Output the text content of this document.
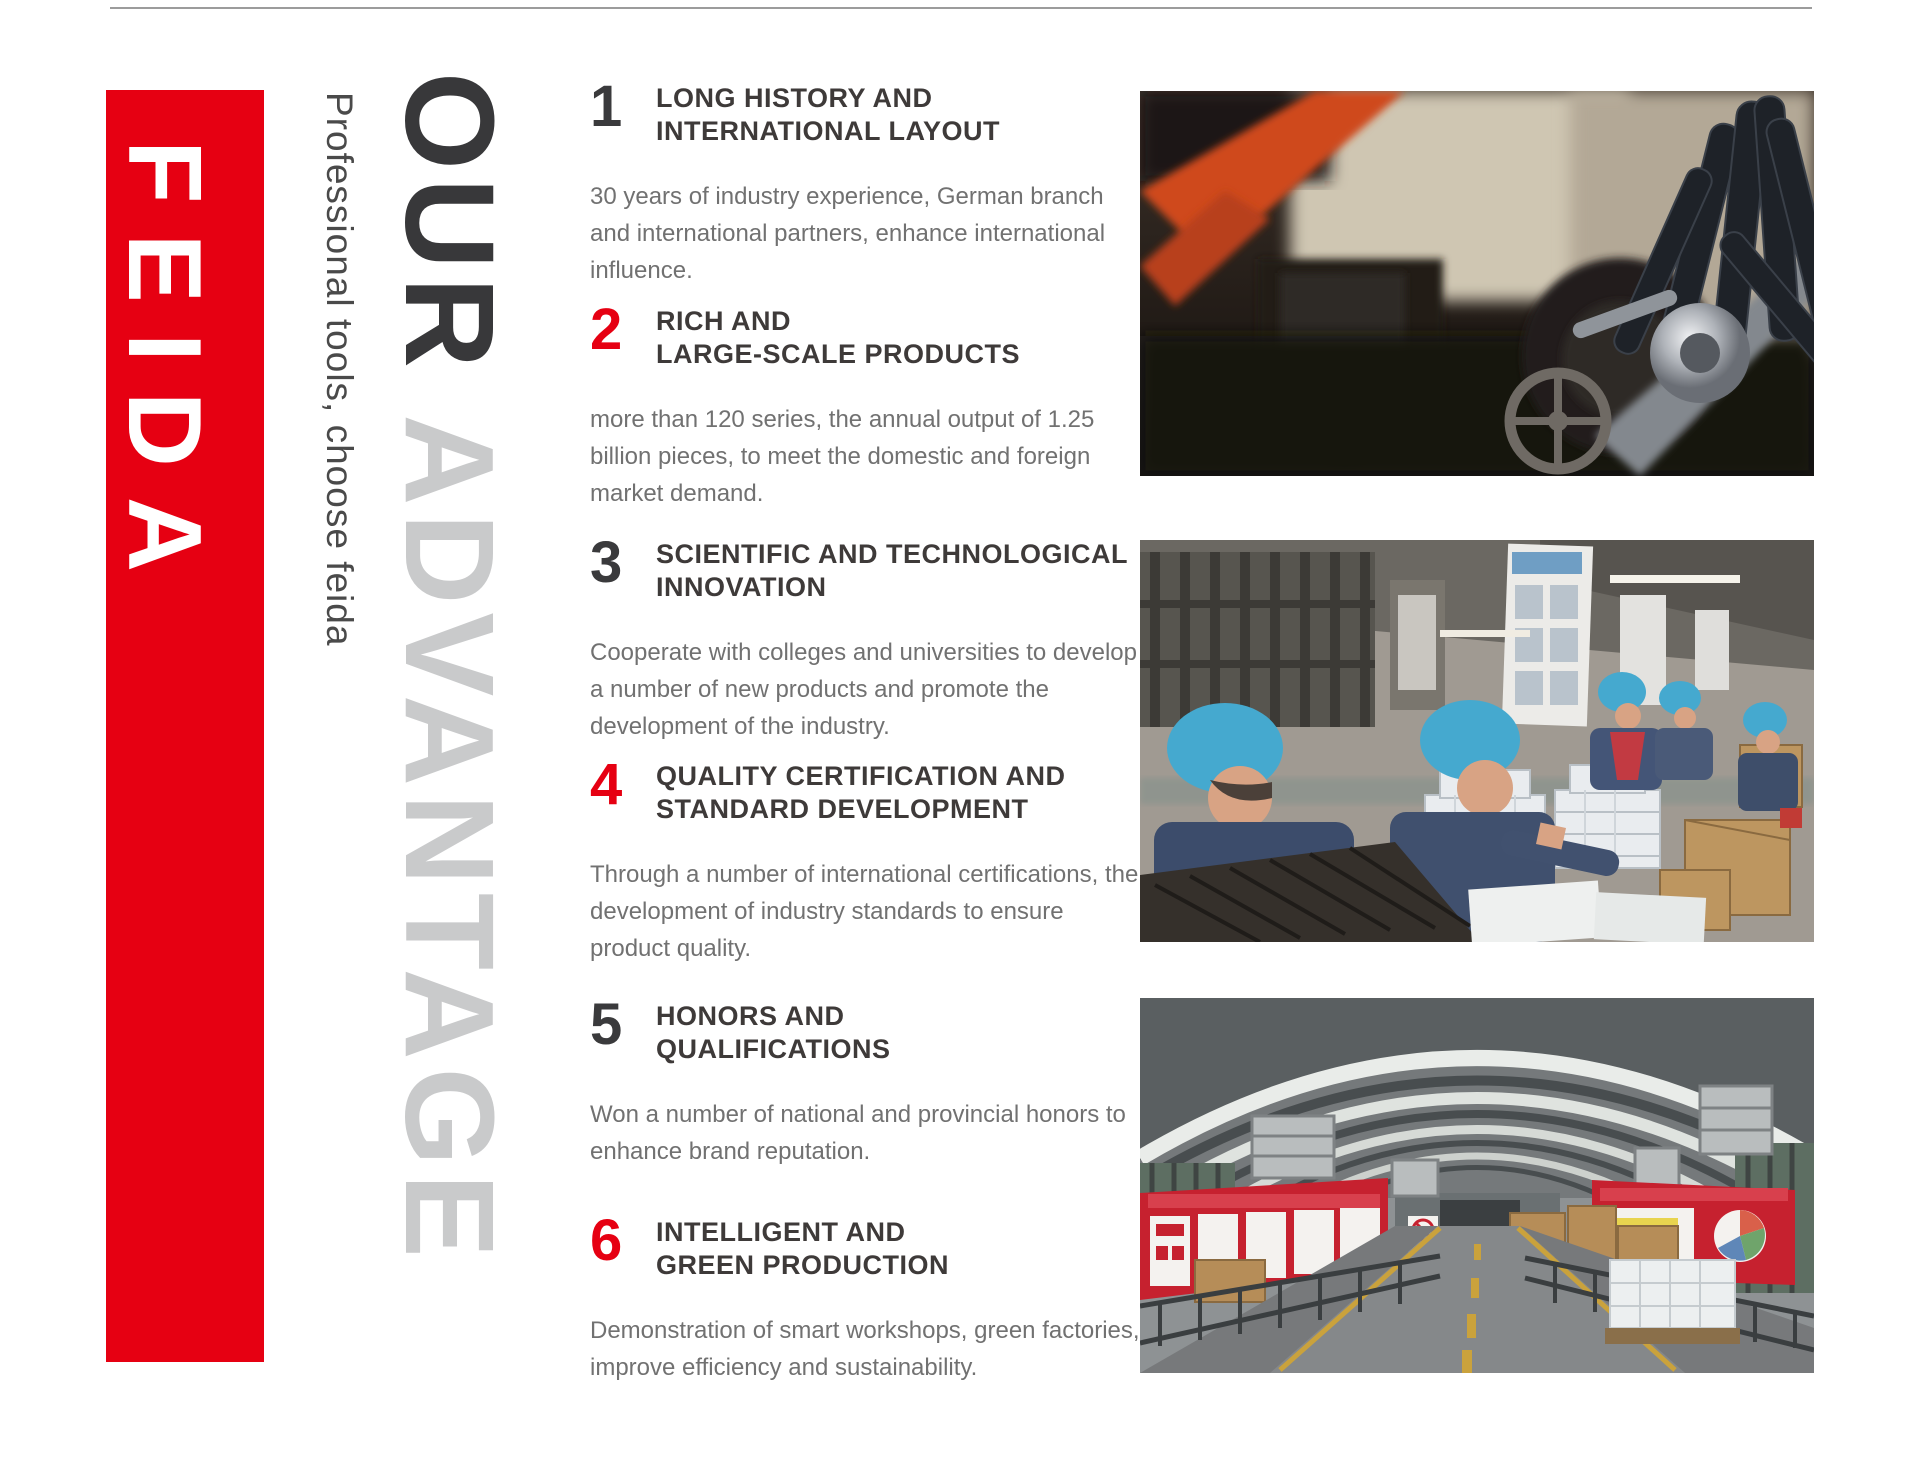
FEIDA	Professional tools, choose feida OUR ADVANTAGE
1 LONG HISTORY AND
INTERNATIONAL LAYOUT
30 years of industry experience, German branch and international partners, enhance international influence.
2 RICH AND
LARGE-SCALE PRODUCTS
more than 120 series, the annual output of 1.25 billion pieces, to meet the domestic and foreign market demand.
3 SCIENTIFIC AND TECHNOLOGICAL
INNOVATION
Cooperate with colleges and universities to develop a number of new products and promote the development of the industry.
4 QUALITY CERTIFICATION AND
STANDARD DEVELOPMENT
Through a number of international certifications, the development of industry standards to ensure product quality.
5 HONORS AND
QUALIFICATIONS
Won a number of national and provincial honors to enhance brand reputation.
6 INTELLIGENT AND
GREEN PRODUCTION
Demonstration of smart workshops, green factories, improve efficiency and sustainability.
